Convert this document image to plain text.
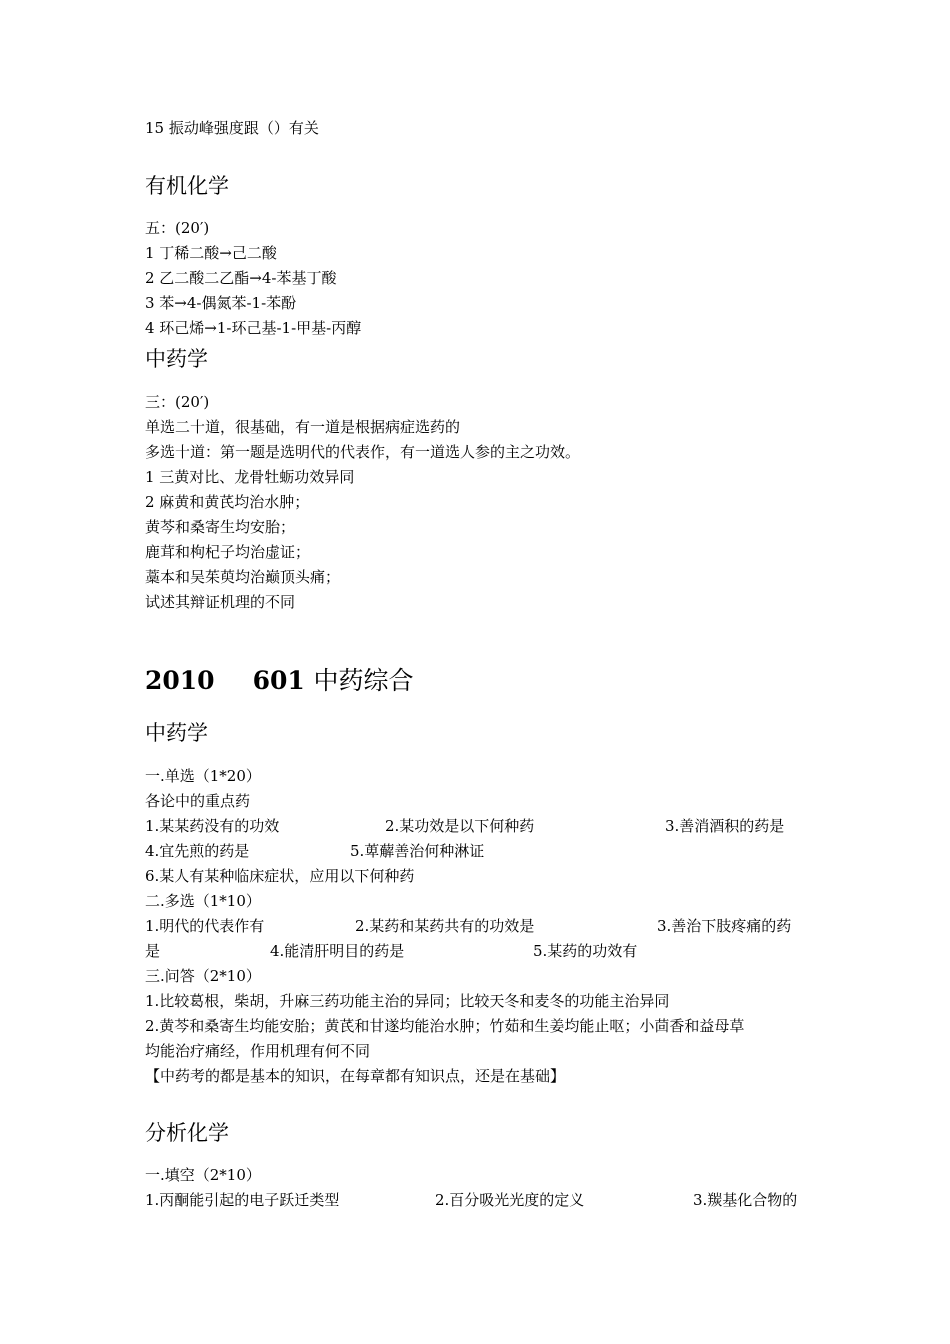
15 振动峰强度跟（）有关
有机化学
五：(20′)
1 丁稀二酸→己二酸
2 乙二酸二乙酯→4-苯基丁酸
3 苯→4-偶氮苯-1-苯酚
4 环己烯→1-环己基-1-甲基-丙醇
中药学
三：(20′)
单选二十道，很基础，有一道是根据病症选药的
多选十道：第一题是选明代的代表作，有一道选人参的主之功效。
1 三黄对比、龙骨牡蛎功效异同
2 麻黄和黄芪均治水肿；
黄芩和桑寄生均安胎；
鹿茸和枸杞子均治虚证；
藁本和吴茱萸均治巅顶头痛；
试述其辩证机理的不同
2010 601 中药综合
中药学
一.单选（1*20）
各论中的重点药
1.某某药没有的功效	2.某功效是以下何种药	3.善消酒积的药是
4.宜先煎的药是	5.萆薢善治何种淋证
6.某人有某种临床症状，应用以下何种药
二.多选（1*10）
1.明代的代表作有	2.某药和某药共有的功效是	3.善治下肢疼痛的药
是	4.能清肝明目的药是	5.某药的功效有
三.问答（2*10）
1.比较葛根，柴胡，升麻三药功能主治的异同；比较天冬和麦冬的功能主治异同
2.黄芩和桑寄生均能安胎；黄芪和甘遂均能治水肿；竹茹和生姜均能止呕；小茴香和益母草
均能治疗痛经，作用机理有何不同
【中药考的都是基本的知识，在每章都有知识点，还是在基础】
分析化学
一.填空（2*10）
1.丙酮能引起的电子跃迁类型	2.百分吸光光度的定义	3.羰基化合物的
